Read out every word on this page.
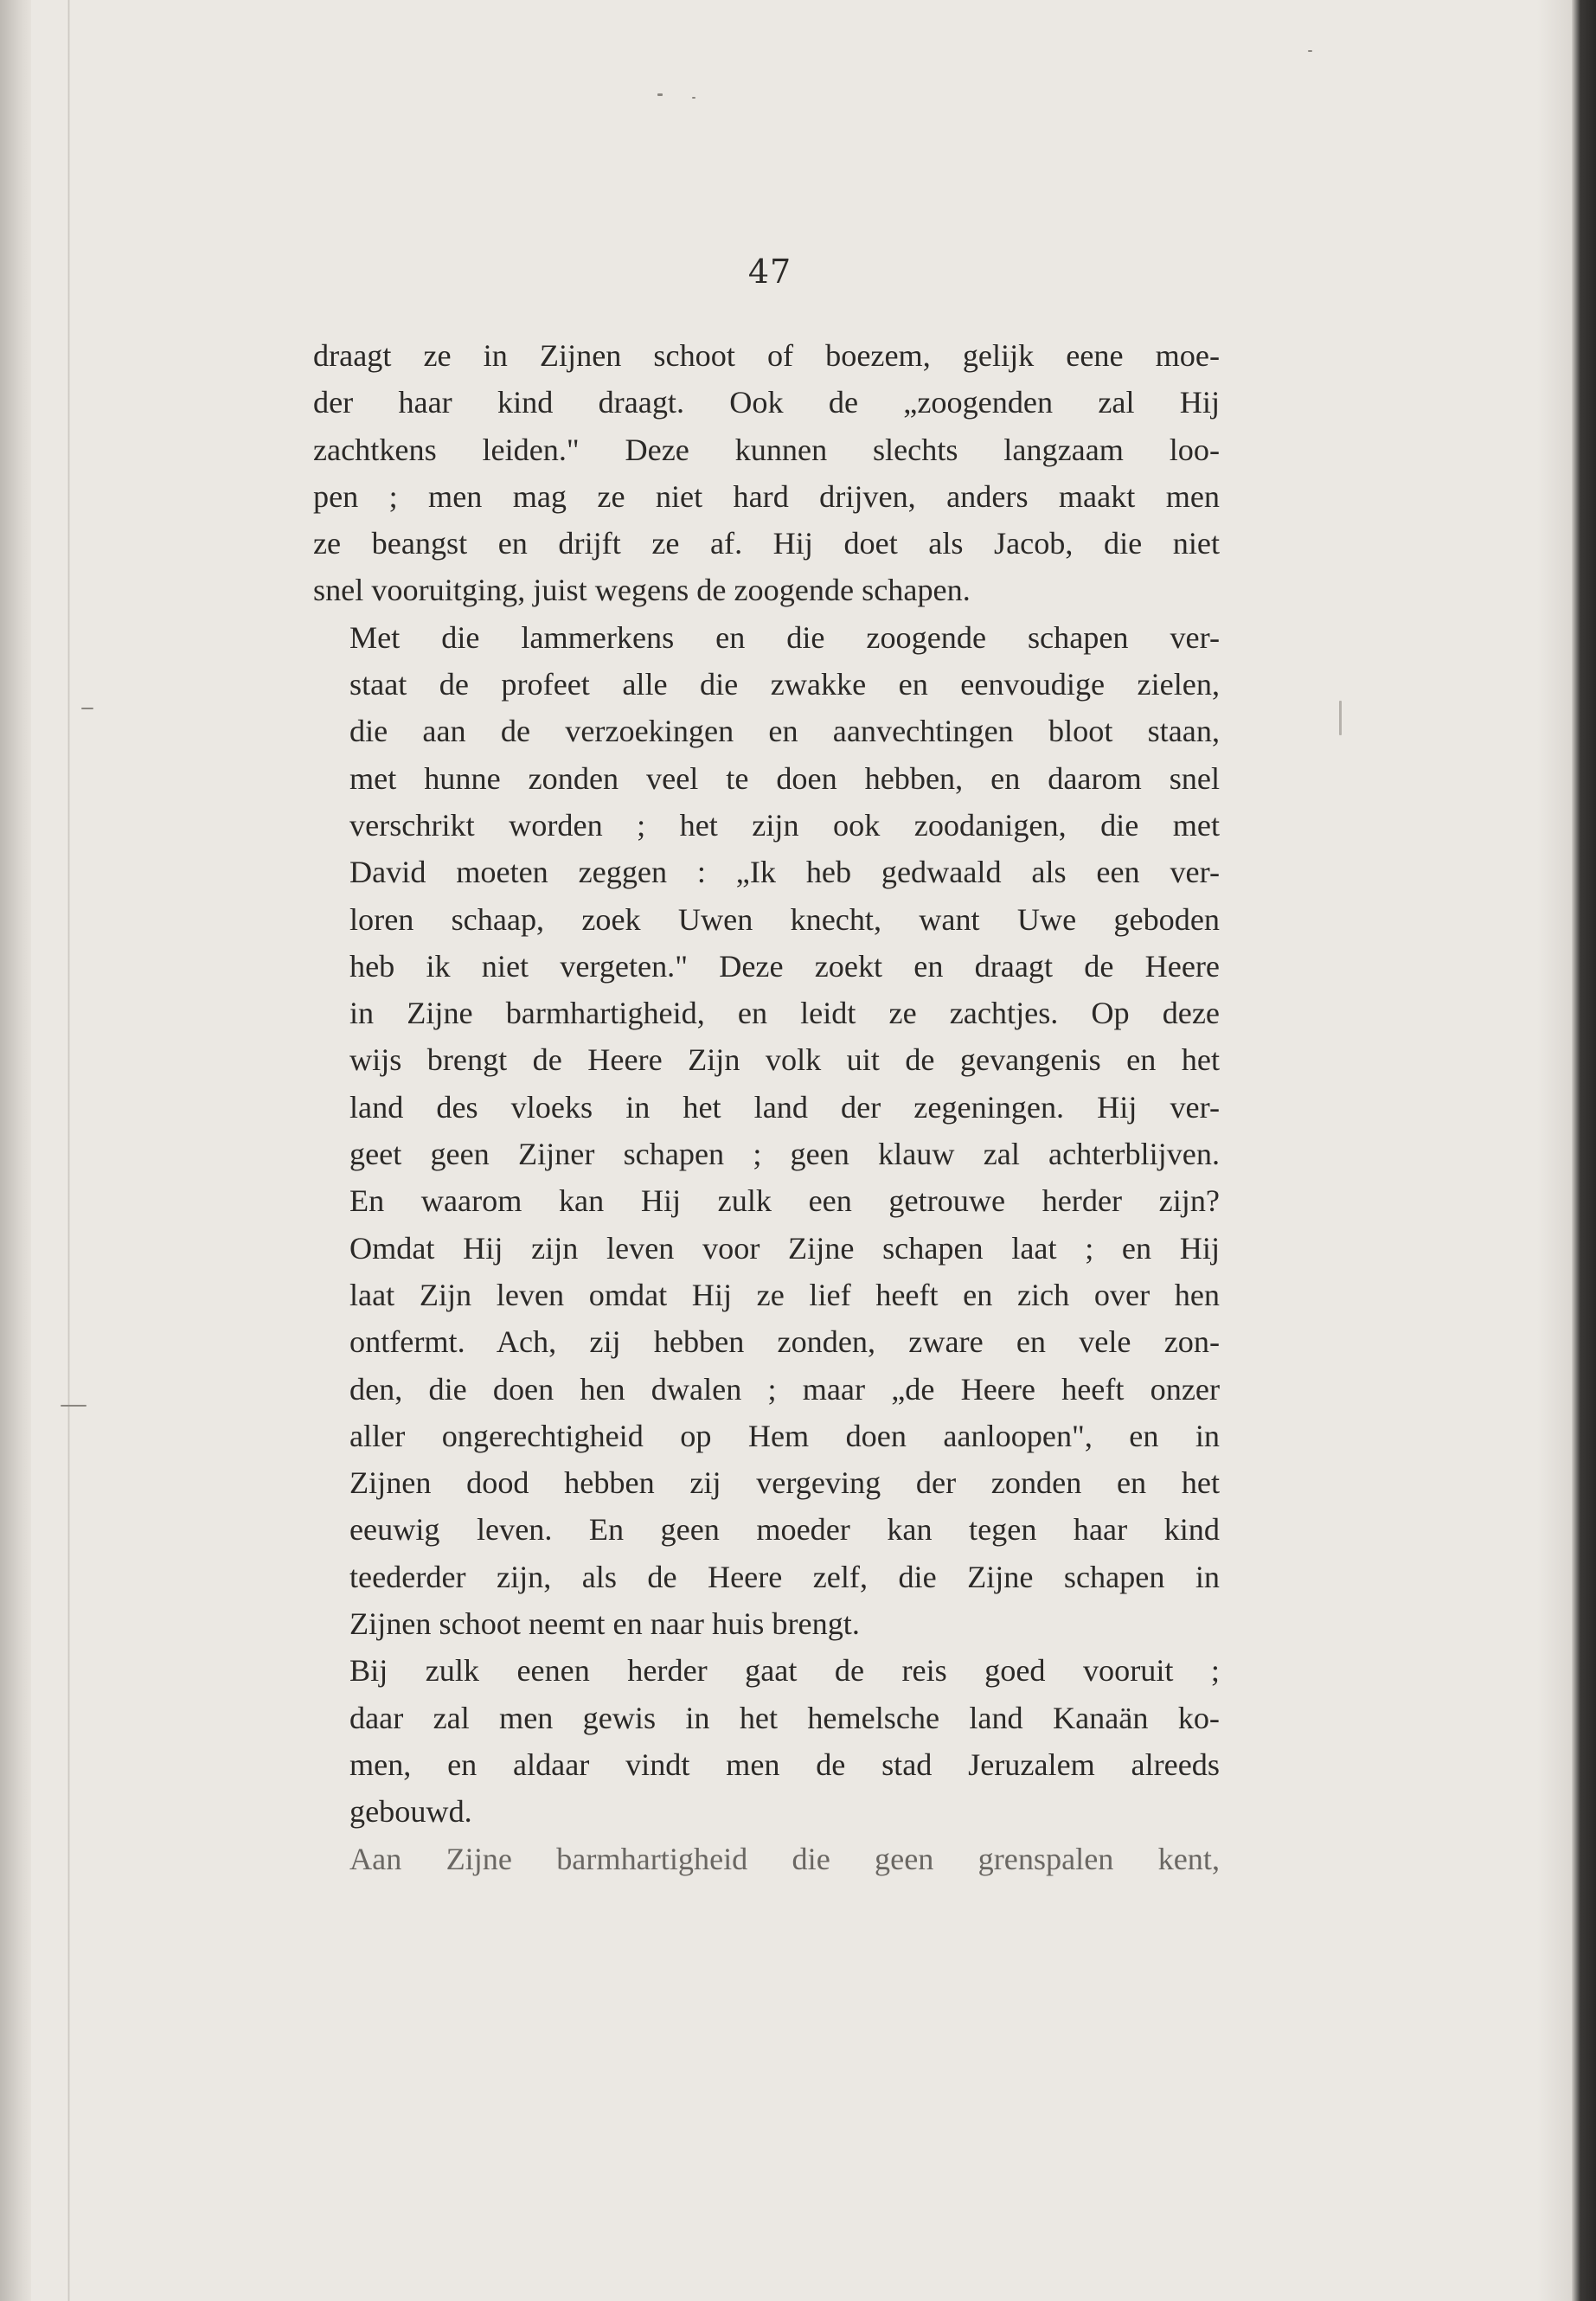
47

draagt ze in Zijnen schoot of boezem, gelijk eene moe-
der haar kind draagt. Ook de „zoogenden zal Hij
zachtkens leiden." Deze kunnen slechts langzaam loo-
pen ; men mag ze niet hard drijven, anders maakt men
ze beangst en drijft ze af. Hij doet als Jacob, die niet
snel vooruitging, juist wegens de zoogende schapen.

Met die lammerkens en die zoogende schapen ver-
staat de profeet alle die zwakke en eenvoudige zielen,
die aan de verzoekingen en aanvechtingen bloot staan,
met hunne zonden veel te doen hebben, en daarom snel
verschrikt worden ; het zijn ook zoodanigen, die met
David moeten zeggen : „Ik heb gedwaald als een ver-
loren schaap, zoek Uwen knecht, want Uwe geboden
heb ik niet vergeten." Deze zoekt en draagt de Heere
in Zijne barmhartigheid, en leidt ze zachtjes. Op deze
wijs brengt de Heere Zijn volk uit de gevangenis en het
land des vloeks in het land der zegeningen. Hij ver-
geet geen Zijner schapen ; geen klauw zal achterblijven.

En waarom kan Hij zulk een getrouwe herder zijn?
Omdat Hij zijn leven voor Zijne schapen laat ; en Hij
laat Zijn leven omdat Hij ze lief heeft en zich over hen
ontfermt. Ach, zij hebben zonden, zware en vele zon-
den, die doen hen dwalen ; maar „de Heere heeft onzer
aller ongerechtigheid op Hem doen aanloopen", en in
Zijnen dood hebben zij vergeving der zonden en het
eeuwig leven. En geen moeder kan tegen haar kind
teederder zijn, als de Heere zelf, die Zijne schapen in
Zijnen schoot neemt en naar huis brengt.

Bij zulk eenen herder gaat de reis goed vooruit ;
daar zal men gewis in het hemelsche land Kanaän ko-
men, en aldaar vindt men de stad Jeruzalem alreeds
gebouwd.

Aan Zijne barmhartigheid die geen grenspalen kent,
